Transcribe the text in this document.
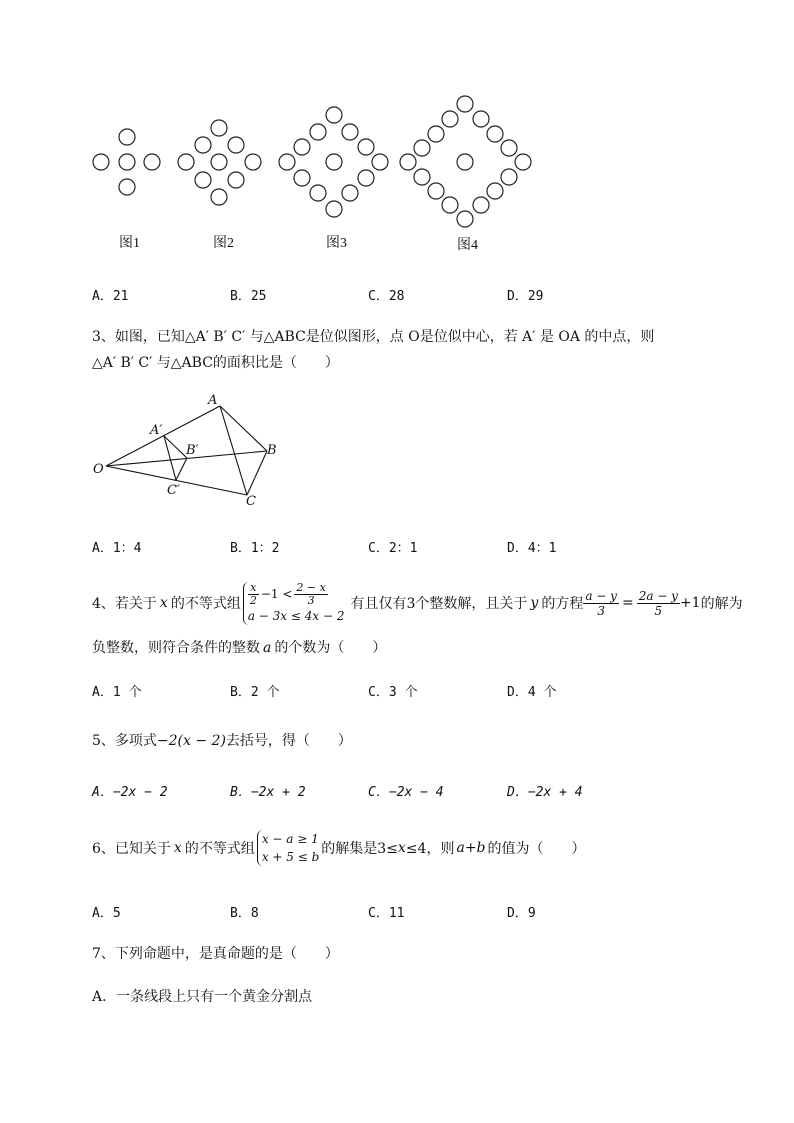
图1	图2	图3	图4
A．21	B．25	C．28	D．29
3、如图，已知△A′ B′ C′ 与△ABC是位似图形，点 O是位似中心，若 A′ 是 OA 的中点，则
△A′ B′ C′ 与△ABC的面积比是（　　）
A
A′
B
B′
C
C′
O
A．1：4	B．1：2	C．2：1	D．4：1
4、若关于 x 的不等式组 $\frac{x}{2} -1 < \frac{2 - x}{3}$
a − 3x ≤ 4x − 2
有且仅有3个整数解，且关于 y 的方程 $\frac{a - y}{3} = \frac{2a - y}{5} +1$ 的解为
负整数，则符合条件的整数 a 的个数为（　　）
A．1 个	B．2 个	C．3 个	D．4 个
5、多项式−2(x − 2)去括号，得（　　）
A．−2x − 2	B．−2x + 2	C．−2x − 4	D．−2x + 4
6、已知关于 x 的不等式组
x − a ≥ 1
x + 5 ≤ b 的解集是3≤ x ≤4，则 a+b 的值为（　　）
A．5	B．8	C．11	D．9
7、下列命题中，是真命题的是（　　）
A．一条线段上只有一个黄金分割点
